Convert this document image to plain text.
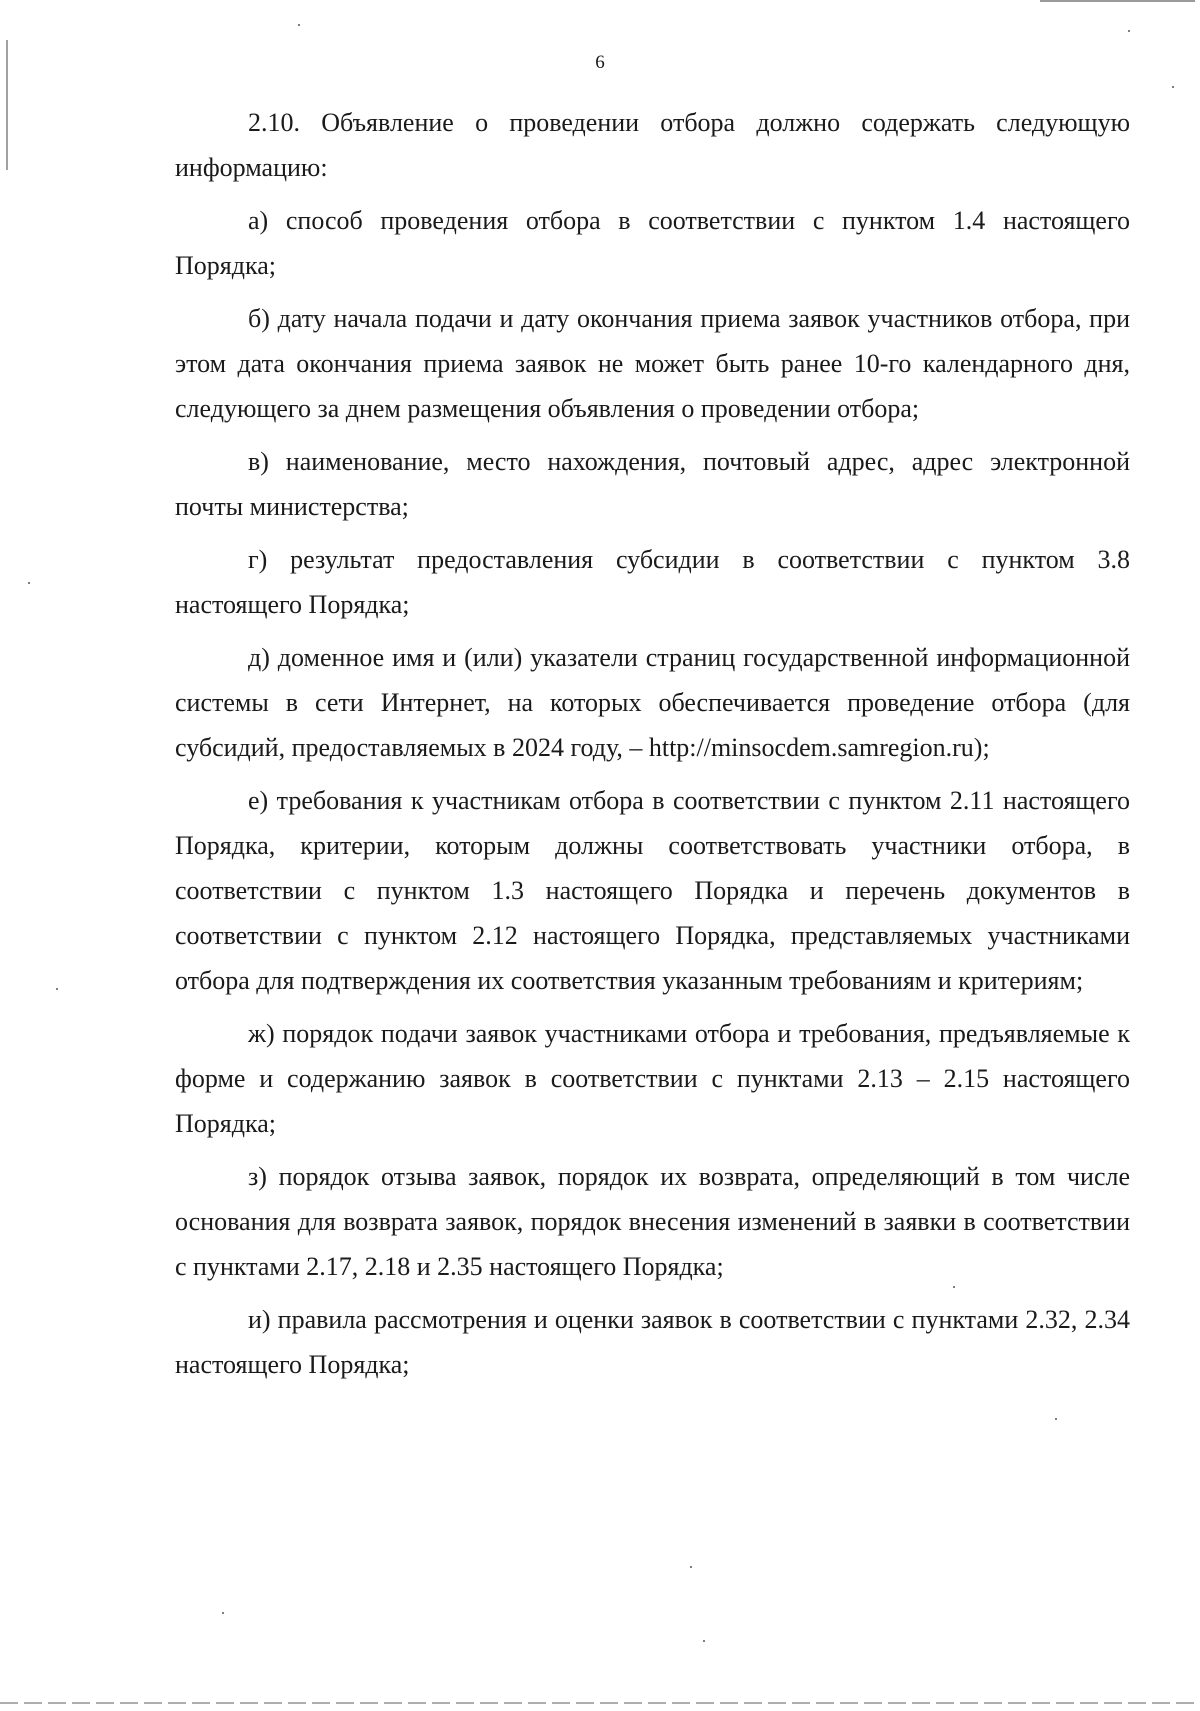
6

2.10. Объявление о проведении отбора должно содержать следующую информацию:

а) способ проведения отбора в соответствии с пунктом 1.4 настоящего Порядка;

б) дату начала подачи и дату окончания приема заявок участников отбора, при этом дата окончания приема заявок не может быть ранее 10-го календарного дня, следующего за днем размещения объявления о проведении отбора;

в) наименование, место нахождения, почтовый адрес, адрес электронной почты министерства;

г) результат предоставления субсидии в соответствии с пунктом 3.8 настоящего Порядка;

д) доменное имя и (или) указатели страниц государственной информационной системы в сети Интернет, на которых обеспечивается проведение отбора (для субсидий, предоставляемых в 2024 году, – http://minsocdem.samregion.ru);

е) требования к участникам отбора в соответствии с пунктом 2.11 настоящего Порядка, критерии, которым должны соответствовать участники отбора, в соответствии с пунктом 1.3 настоящего Порядка и перечень документов в соответствии с пунктом 2.12 настоящего Порядка, представляемых участниками отбора для подтверждения их соответствия указанным требованиям и критериям;

ж) порядок подачи заявок участниками отбора и требования, предъявляемые к форме и содержанию заявок в соответствии с пунктами 2.13 – 2.15 настоящего Порядка;

з) порядок отзыва заявок, порядок их возврата, определяющий в том числе основания для возврата заявок, порядок внесения изменений в заявки в соответствии с пунктами 2.17, 2.18 и 2.35 настоящего Порядка;

и) правила рассмотрения и оценки заявок в соответствии с пунктами 2.32, 2.34 настоящего Порядка;
